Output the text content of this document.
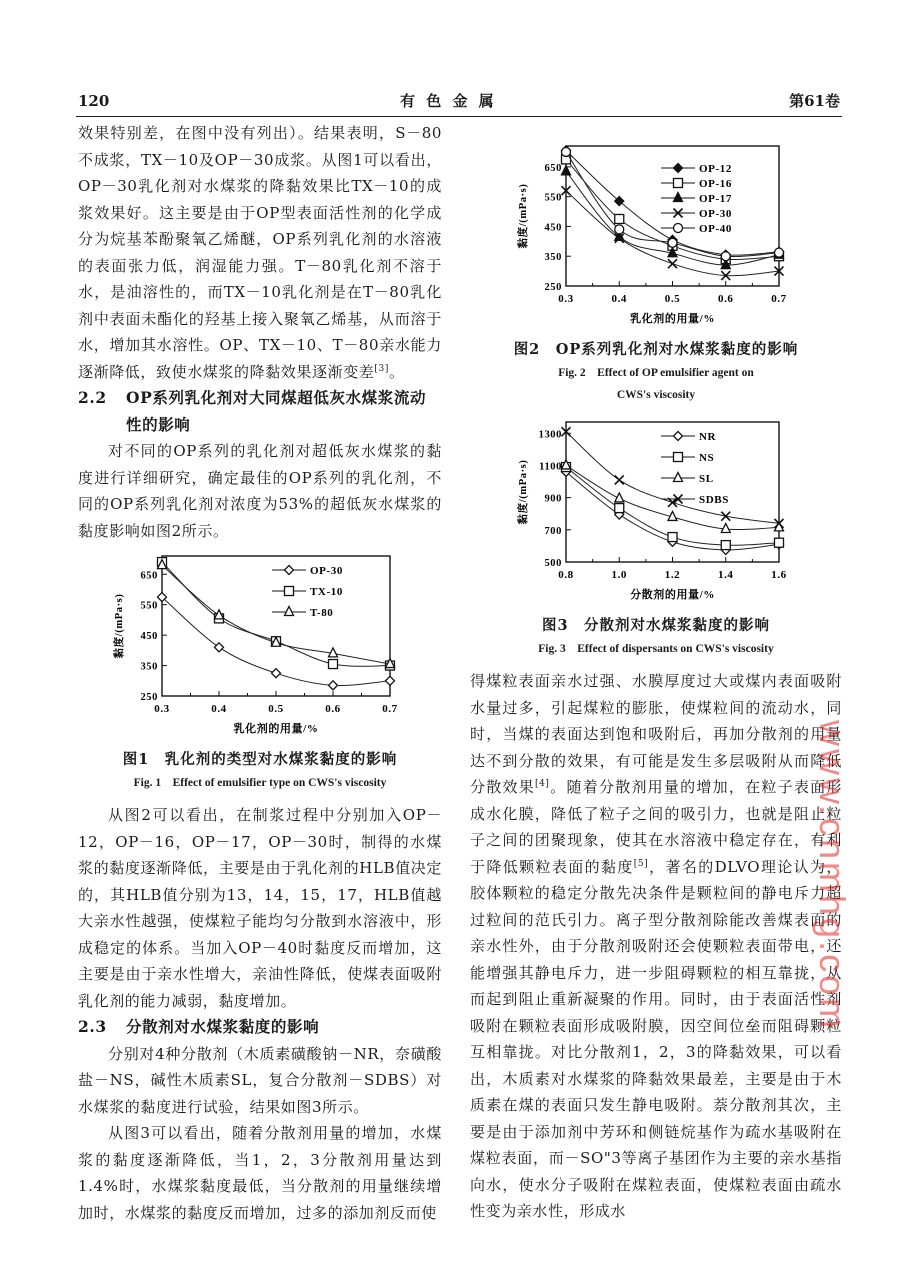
120	有 色 金 属	第61卷

效果特别差，在图中没有列出）。结果表明，S－80不成浆，TX－10及OP－30成浆。从图1可以看出，OP－30乳化剂对水煤浆的降黏效果比TX－10的成浆效果好。这主要是由于OP型表面活性剂的化学成分为烷基苯酚聚氧乙烯醚，OP系列乳化剂的水溶液的表面张力低，润湿能力强。T－80乳化剂不溶于水，是油溶性的，而TX－10乳化剂是在T－80乳化剂中表面未酯化的羟基上接入聚氧乙烯基，从而溶于水，增加其水溶性。OP、TX－10、T－80亲水能力逐渐降低，致使水煤浆的降黏效果逐渐变差[3]。

2.2 OP系列乳化剂对大同煤超低灰水煤浆流动

性的影响

对不同的OP系列的乳化剂对超低灰水煤浆的黏度进行详细研究，确定最佳的OP系列的乳化剂，不同的OP系列乳化剂对浓度为53%的超低灰水煤浆的黏度影响如图2所示。

0.3	0.4	0.5	0.6	0.7
250
350
450
550
650
乳化剂的用量/%
黏度/(mPa·s)
OP-30
TX-10
T-80
图1　乳化剂的类型对水煤浆黏度的影响
Fig. 1　Effect of emulsifier type on CWS's viscosity

从图2可以看出，在制浆过程中分别加入OP－12，OP－16，OP－17，OP－30时，制得的水煤浆的黏度逐渐降低，主要是由于乳化剂的HLB值决定的，其HLB值分别为13，14，15，17，HLB值越大亲水性越强，使煤粒子能均匀分散到水溶液中，形成稳定的体系。当加入OP－40时黏度反而增加，这主要是由于亲水性增大，亲油性降低，使煤表面吸附乳化剂的能力减弱，黏度增加。

2.3 分散剂对水煤浆黏度的影响

分别对4种分散剂（木质素磺酸钠－NR，奈磺酸盐－NS，碱性木质素SL，复合分散剂－SDBS）对水煤浆的黏度进行试验，结果如图3所示。

从图3可以看出，随着分散剂用量的增加，水煤浆的黏度逐渐降低，当1，2，3分散剂用量达到1.4%时，水煤浆黏度最低，当分散剂的用量继续增加时，水煤浆的黏度反而增加，过多的添加剂反而使

0.3	0.4	0.5	0.6	0.7
250
350
450
550
650
乳化剂的用量/%
黏度/(mPa·s)
OP-12
OP-16
OP-17
OP-30
OP-40
图2　OP系列乳化剂对水煤浆黏度的影响
Fig. 2　Effect of OP emulsifier agent on
CWS's viscosity
0.8	1.0	1.2	1.4	1.6
500
700
900
1100
1300
分散剂的用量/%
黏度/(mPa·s)
NR
NS
SL
SDBS
图3　分散剂对水煤浆黏度的影响
Fig. 3　Effect of dispersants on CWS's viscosity

得煤粒表面亲水过强、水膜厚度过大或煤内表面吸附水量过多，引起煤粒的膨胀，使煤粒间的流动水，同时，当煤的表面达到饱和吸附后，再加分散剂的用量达不到分散的效果，有可能是发生多层吸附从而降低分散效果[4]。随着分散剂用量的增加，在粒子表面形成水化膜，降低了粒子之间的吸引力，也就是阻止粒子之间的团聚现象，使其在水溶液中稳定存在，有利于降低颗粒表面的黏度[5]，著名的DLVO理论认为，胶体颗粒的稳定分散先决条件是颗粒间的静电斥力超过粒间的范氏引力。离子型分散剂除能改善煤表面的亲水性外，由于分散剂吸附还会使颗粒表面带电，还能增强其静电斥力，进一步阻碍颗粒的相互靠拢，从而起到阻止重新凝聚的作用。同时，由于表面活性剂吸附在颗粒表面形成吸附膜，因空间位垒而阻碍颗粒互相靠拢。对比分散剂1，2，3的降黏效果，可以看出，木质素对水煤浆的降黏效果最差，主要是由于木质素在煤的表面只发生静电吸附。萘分散剂其次，主要是由于添加剂中芳环和侧链烷基作为疏水基吸附在煤粒表面，而－SO"3等离子基团作为主要的亲水基指向水，使水分子吸附在煤粒表面，使煤粒表面由疏水性变为亲水性，形成水

www.cnmhg.com
